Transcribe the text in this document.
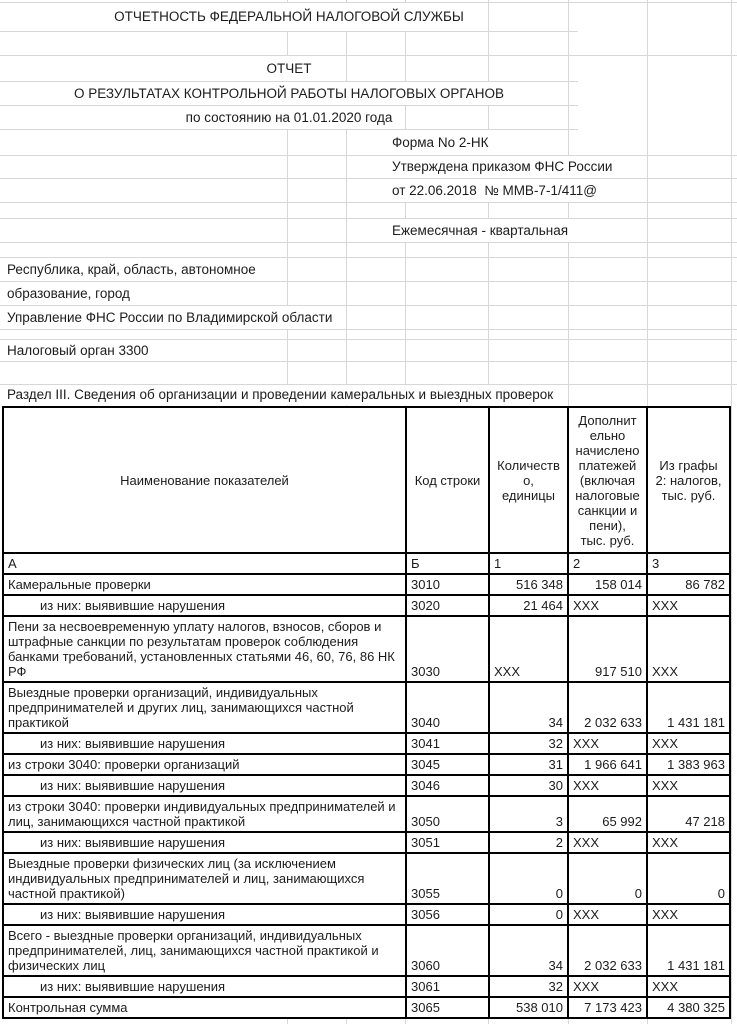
ОТЧЕТНОСТЬ ФЕДЕРАЛЬНОЙ НАЛОГОВОЙ СЛУЖБЫ
ОТЧЕТ
О РЕЗУЛЬТАТАХ КОНТРОЛЬНОЙ РАБОТЫ НАЛОГОВЫХ ОРГАНОВ
по состоянию на 01.01.2020 года
Форма No 2-НК
Утверждена приказом ФНС России
от 22.06.2018  № ММВ-7-1/411@
Ежемесячная - квартальная
Республика, край, область, автономное
образование, город
Управление ФНС России по Владимирской области
Налоговый орган 3300
Раздел III. Сведения об организации и проведении камеральных и выездных проверок
Наименование показателей	Код строки	Количество, единицы	Дополнительно начислено платежей (включая налоговые санкции и пени), тыс. руб.	Из графы 2: налогов, тыс. руб.
А	Б	1	2	3
Камеральные проверки	3010	516 348	158 014	86 782
из них: выявившие нарушения	3020	21 464	XXX	XXX
Пени за несвоевременную уплату налогов, взносов, сборов и штрафные санкции по результатам проверок соблюдения банками требований, установленных статьями 46, 60, 76, 86 НК РФ	3030	XXX	917 510	XXX
Выездные проверки организаций, индивидуальных предпринимателей и других лиц, занимающихся частной практикой	3040	34	2 032 633	1 431 181
из них: выявившие нарушения	3041	32	XXX	XXX
из строки 3040: проверки организаций	3045	31	1 966 641	1 383 963
из них: выявившие нарушения	3046	30	XXX	XXX
из строки 3040: проверки индивидуальных предпринимателей и лиц, занимающихся частной практикой	3050	3	65 992	47 218
из них: выявившие нарушения	3051	2	XXX	XXX
Выездные проверки физических лиц (за исключением индивидуальных предпринимателей и лиц, занимающихся частной практикой)	3055	0	0	0
из них: выявившие нарушения	3056	0	XXX	XXX
Всего - выездные проверки организаций, индивидуальных предпринимателей, лиц, занимающихся частной практикой и физических лиц	3060	34	2 032 633	1 431 181
из них: выявившие нарушения	3061	32	XXX	XXX
Контрольная сумма	3065	538 010	7 173 423	4 380 325
